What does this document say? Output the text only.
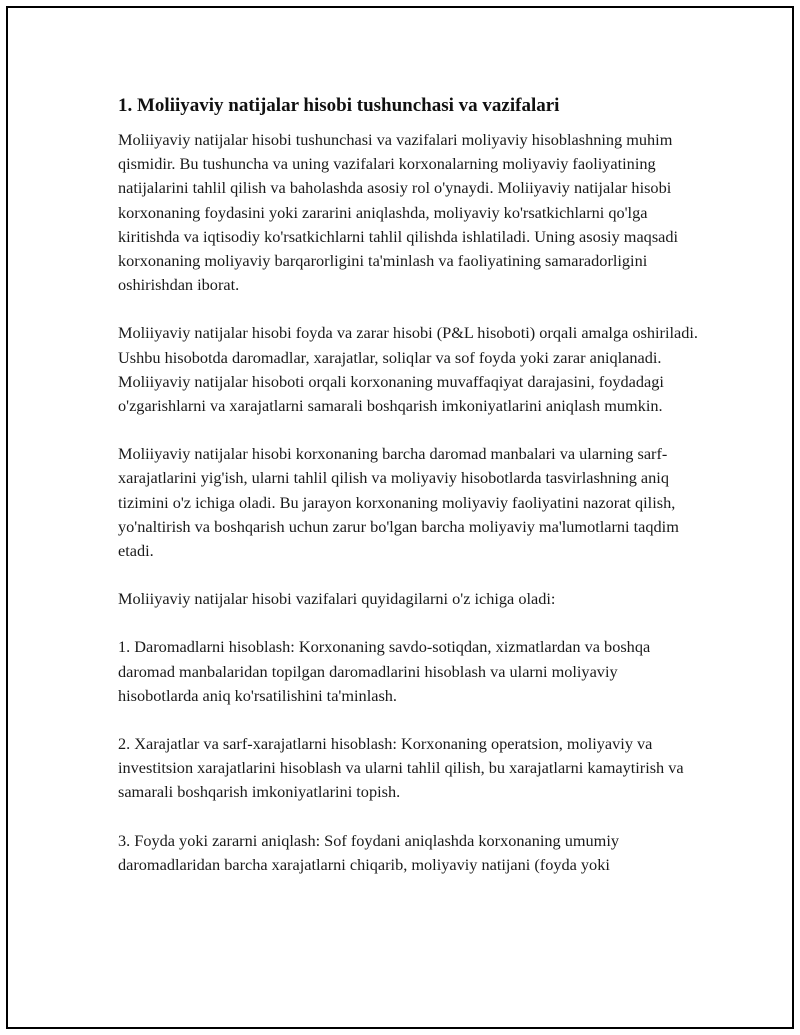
1. Moliiyaviy natijalar hisobi tushunchasi va vazifalari

Moliiyaviy natijalar hisobi tushunchasi va vazifalari moliyaviy hisoblashning muhim qismidir. Bu tushuncha va uning vazifalari korxonalarning moliyaviy faoliyatining natijalarini tahlil qilish va baholashda asosiy rol o'ynaydi. Moliiyaviy natijalar hisobi korxonaning foydasini yoki zararini aniqlashda, moliyaviy ko'rsatkichlarni qo'lga kiritishda va iqtisodiy ko'rsatkichlarni tahlil qilishda ishlatiladi. Uning asosiy maqsadi korxonaning moliyaviy barqarorligini ta'minlash va faoliyatining samaradorligini oshirishdan iborat.

Moliiyaviy natijalar hisobi foyda va zarar hisobi (P&L hisoboti) orqali amalga oshiriladi. Ushbu hisobotda daromadlar, xarajatlar, soliqlar va sof foyda yoki zarar aniqlanadi. Moliiyaviy natijalar hisoboti orqali korxonaning muvaffaqiyat darajasini, foydadagi o'zgarishlarni va xarajatlarni samarali boshqarish imkoniyatlarini aniqlash mumkin.

Moliiyaviy natijalar hisobi korxonaning barcha daromad manbalari va ularning sarf-xarajatlarini yig'ish, ularni tahlil qilish va moliyaviy hisobotlarda tasvirlashning aniq tizimini o'z ichiga oladi. Bu jarayon korxonaning moliyaviy faoliyatini nazorat qilish, yo'naltirish va boshqarish uchun zarur bo'lgan barcha moliyaviy ma'lumotlarni taqdim etadi.

Moliiyaviy natijalar hisobi vazifalari quyidagilarni o'z ichiga oladi:

1. Daromadlarni hisoblash: Korxonaning savdo-sotiqdan, xizmatlardan va boshqa daromad manbalaridan topilgan daromadlarini hisoblash va ularni moliyaviy hisobotlarda aniq ko'rsatilishini ta'minlash.

2. Xarajatlar va sarf-xarajatlarni hisoblash: Korxonaning operatsion, moliyaviy va investitsion xarajatlarini hisoblash va ularni tahlil qilish, bu xarajatlarni kamaytirish va samarali boshqarish imkoniyatlarini topish.

3. Foyda yoki zararni aniqlash: Sof foydani aniqlashda korxonaning umumiy daromadlaridan barcha xarajatlarni chiqarib, moliyaviy natijani (foyda yoki
